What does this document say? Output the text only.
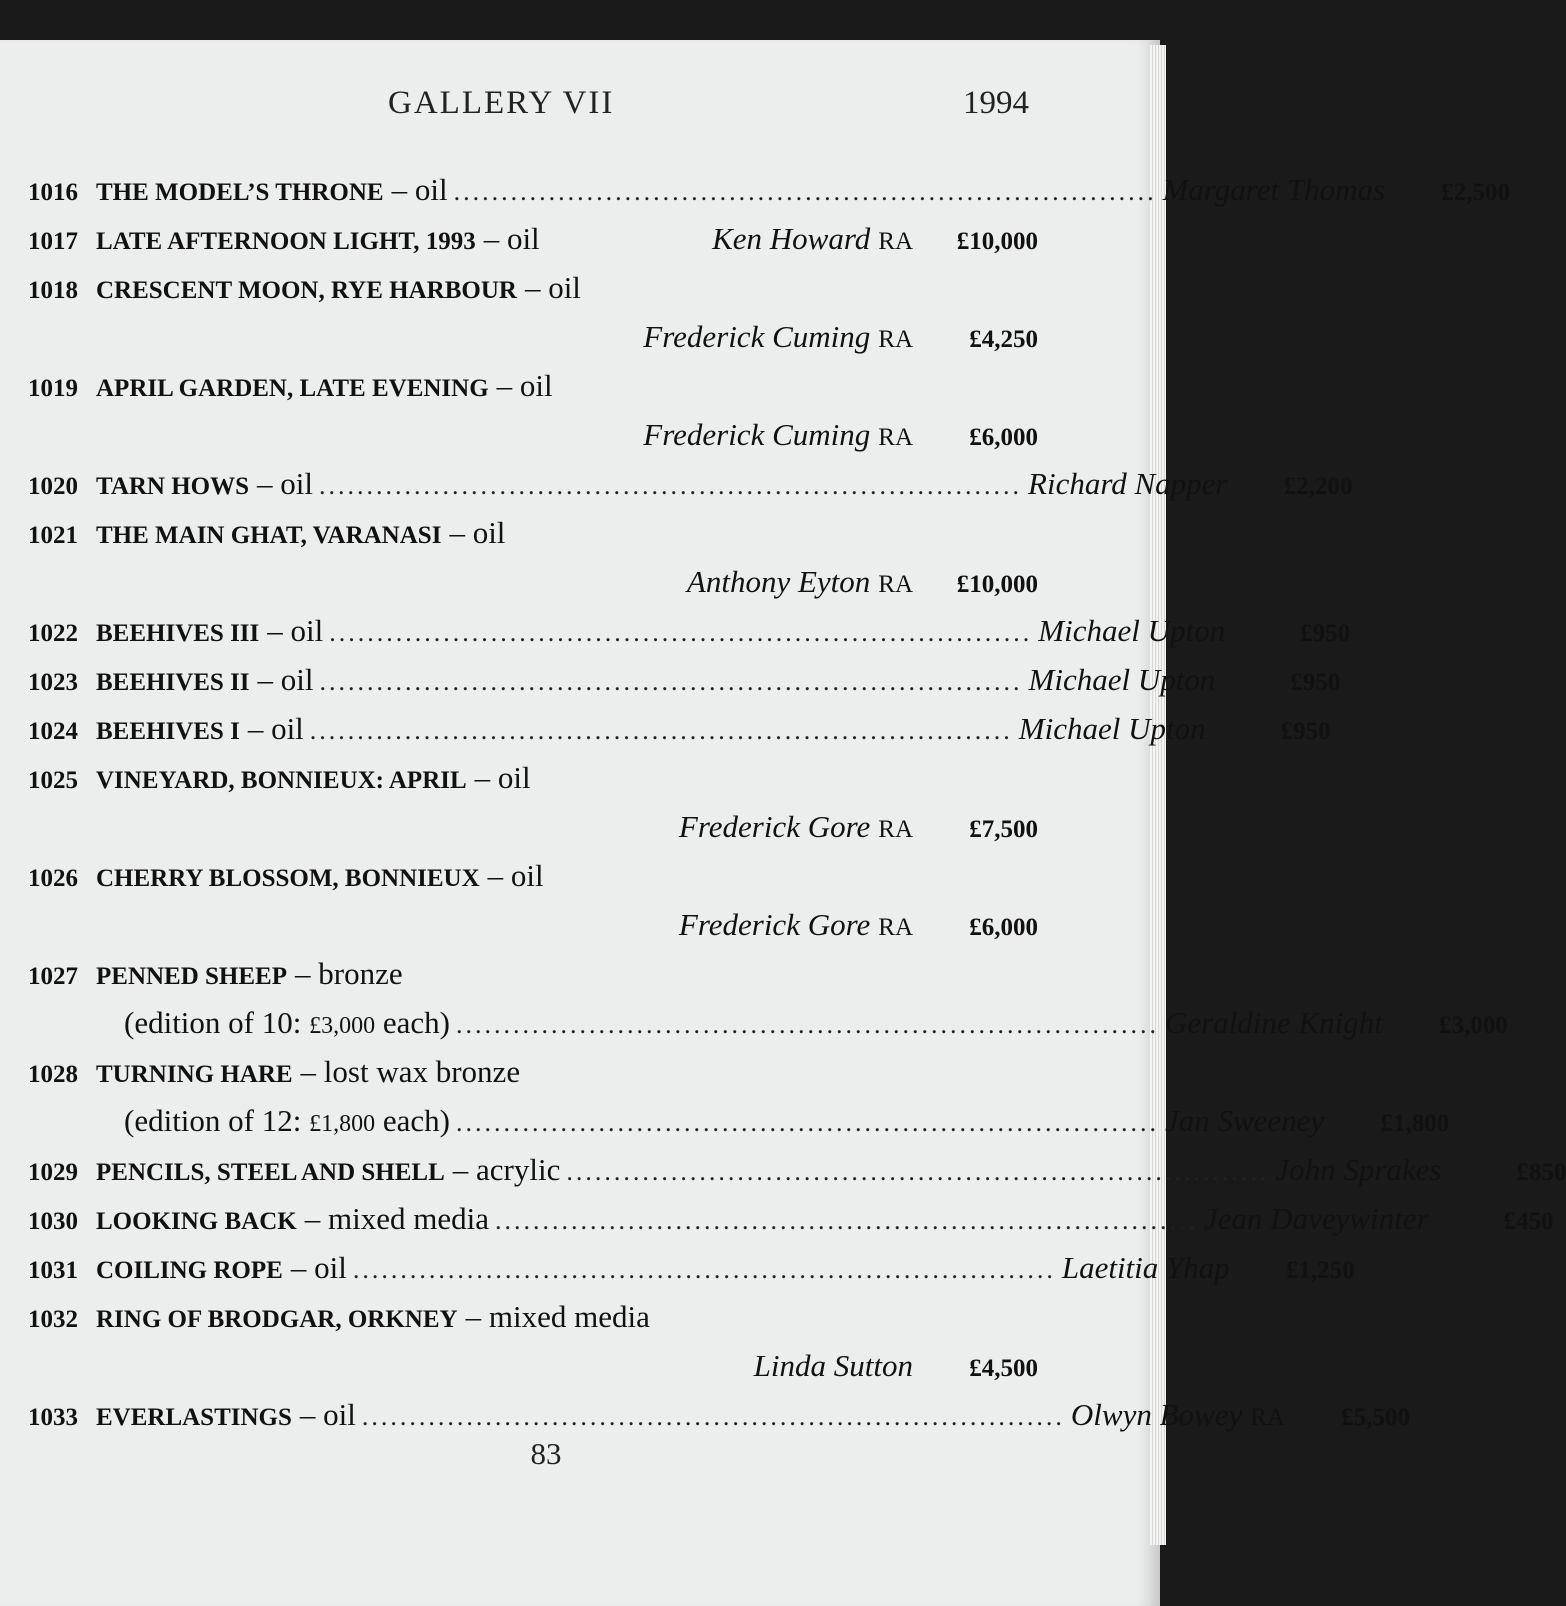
GALLERY VII	1994
1016 THE MODEL’S THRONE – oil .......................................................................... Margaret Thomas	£2,500
1017 LATE AFTERNOON LIGHT, 1993 – oil	Ken Howard RA	£10,000
1018 CRESCENT MOON, RYE HARBOUR – oil
Frederick Cuming RA	£4,250
1019 APRIL GARDEN, LATE EVENING – oil
Frederick Cuming RA	£6,000
1020 TARN HOWS – oil .......................................................................... Richard Napper	£2,200
1021 THE MAIN GHAT, VARANASI – oil
Anthony Eyton RA	£10,000
1022 BEEHIVES III – oil .......................................................................... Michael Upton	£950
1023 BEEHIVES II – oil .......................................................................... Michael Upton	£950
1024 BEEHIVES I – oil .......................................................................... Michael Upton	£950
1025 VINEYARD, BONNIEUX: APRIL – oil
Frederick Gore RA	£7,500
1026 CHERRY BLOSSOM, BONNIEUX – oil
Frederick Gore RA	£6,000
1027 PENNED SHEEP – bronze
(edition of 10: £3,000 each) .......................................................................... Geraldine Knight	£3,000
1028 TURNING HARE – lost wax bronze
(edition of 12: £1,800 each) .......................................................................... Jan Sweeney	£1,800
1029 PENCILS, STEEL AND SHELL – acrylic .......................................................................... John Sprakes	£850
1030 LOOKING BACK – mixed media .......................................................................... Jean Daveywinter	£450
1031 COILING ROPE – oil .......................................................................... Laetitia Yhap	£1,250
1032 RING OF BRODGAR, ORKNEY – mixed media
Linda Sutton	£4,500
1033 EVERLASTINGS – oil .......................................................................... Olwyn Bowey RA	£5,500
83
